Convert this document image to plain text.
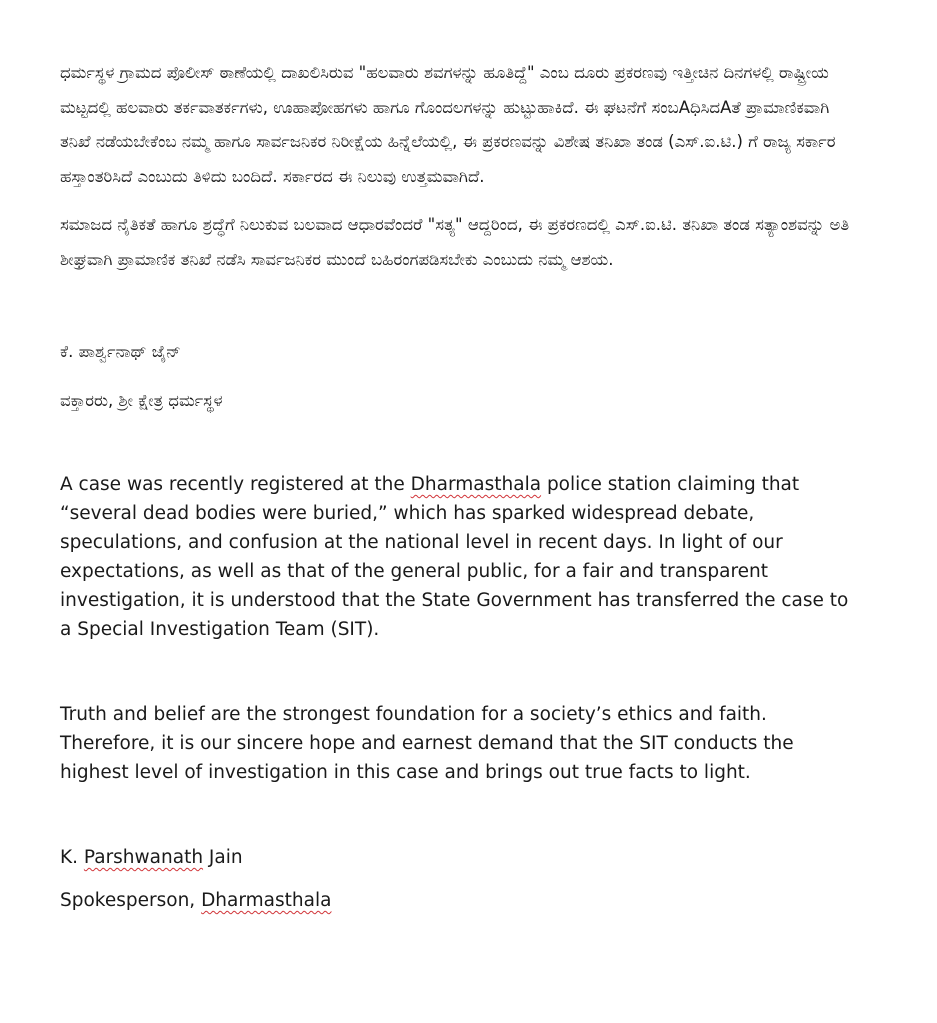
ಧರ್ಮಸ್ಥಳ ಗ್ರಾಮದ ಪೊಲೀಸ್ ಠಾಣೆಯಲ್ಲಿ ದಾಖಲಿಸಿರುವ "ಹಲವಾರು ಶವಗಳನ್ನು ಹೂತಿದ್ದೆ" ಎಂಬ ದೂರು ಪ್ರಕರಣವು ಇತ್ತೀಚಿನ ದಿನಗಳಲ್ಲಿ ರಾಷ್ಟ್ರೀಯ ಮಟ್ಟದಲ್ಲಿ ಹಲವಾರು ತರ್ಕವಾತರ್ಕಗಳು, ಊಹಾಪೋಹಗಳು ಹಾಗೂ ಗೊಂದಲಗಳನ್ನು ಹುಟ್ಟುಹಾಕಿದೆ. ಈ ಘಟನೆಗೆ ಸಂಬAಧಿಸಿದAತೆ ಪ್ರಾಮಾಣಿಕವಾಗಿ ತನಿಖೆ ನಡೆಯಬೇಕೆಂಬ ನಮ್ಮ ಹಾಗೂ ಸಾರ್ವಜನಿಕರ ನಿರೀಕ್ಷೆಯ ಹಿನ್ನೆಲೆಯಲ್ಲಿ, ಈ ಪ್ರಕರಣವನ್ನು ವಿಶೇಷ ತನಿಖಾ ತಂಡ (ಎಸ್.ಐ.ಟಿ.) ಗೆ ರಾಜ್ಯ ಸರ್ಕಾರ ಹಸ್ತಾಂತರಿಸಿದೆ ಎಂಬುದು ತಿಳಿದು ಬಂದಿದೆ. ಸರ್ಕಾರದ ಈ ನಿಲುವು ಉತ್ತಮವಾಗಿದೆ.

ಸಮಾಜದ ನೈತಿಕತೆ ಹಾಗೂ ಶ್ರದ್ಧೆಗೆ ನಿಲುಕುವ ಬಲವಾದ ಆಧಾರವೆಂದರೆ "ಸತ್ಯ" ಆದ್ದರಿಂದ, ಈ ಪ್ರಕರಣದಲ್ಲಿ ಎಸ್.ಐ.ಟಿ. ತನಿಖಾ ತಂಡ ಸತ್ಯಾಂಶವನ್ನು ಅತಿ ಶೀಘ್ರವಾಗಿ ಪ್ರಾಮಾಣಿಕ ತನಿಖೆ ನಡೆಸಿ ಸಾರ್ವಜನಿಕರ ಮುಂದೆ ಬಹಿರಂಗಪಡಿಸಬೇಕು ಎಂಬುದು ನಮ್ಮ ಆಶಯ.

ಕೆ. ಪಾರ್ಶ್ವನಾಥ್ ಜೈನ್

ವಕ್ತಾರರು, ಶ್ರೀ ಕ್ಷೇತ್ರ ಧರ್ಮಸ್ಥಳ

A case was recently registered at the Dharmasthala police station claiming that “several dead bodies were buried,” which has sparked widespread debate, speculations, and confusion at the national level in recent days. In light of our expectations, as well as that of the general public, for a fair and transparent investigation, it is understood that the State Government has transferred the case to a Special Investigation Team (SIT).

Truth and belief are the strongest foundation for a society’s ethics and faith. Therefore, it is our sincere hope and earnest demand that the SIT conducts the highest level of investigation in this case and brings out true facts to light.

K. Parshwanath Jain

Spokesperson, Dharmasthala
